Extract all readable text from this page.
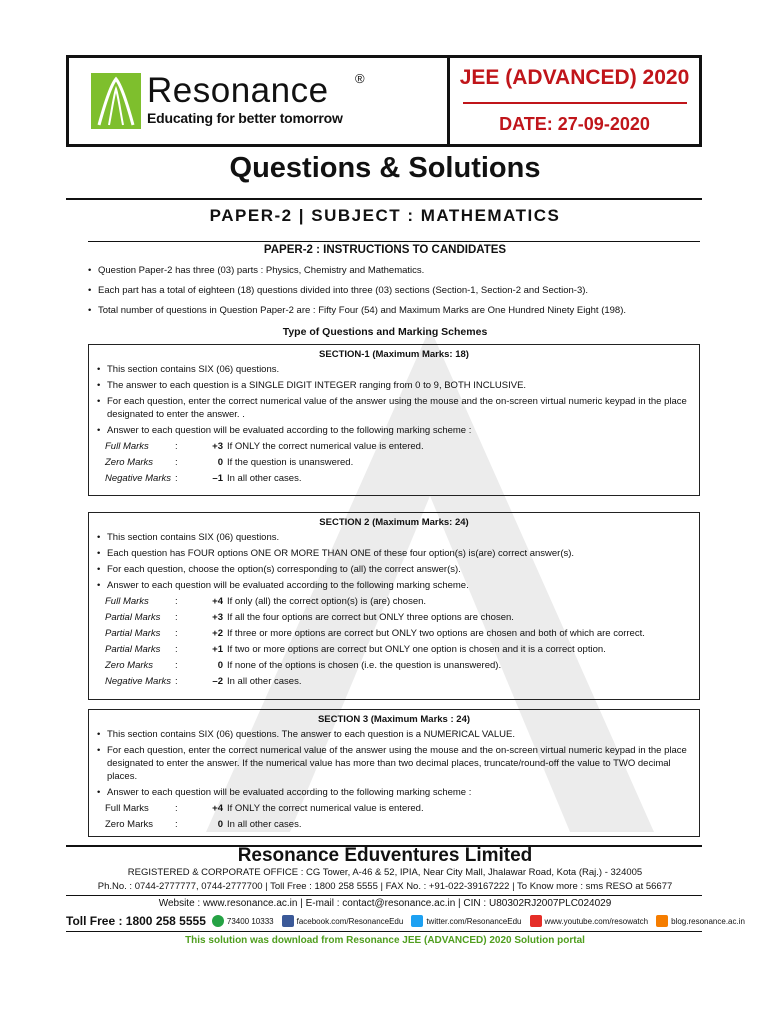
Resonance ®
Educating for better tomorrow
JEE (ADVANCED) 2020
DATE: 27-09-2020
Questions & Solutions
PAPER-2 | SUBJECT : MATHEMATICS
PAPER-2 : INSTRUCTIONS TO CANDIDATES
• Question Paper-2 has three (03) parts : Physics, Chemistry and Mathematics.
• Each part has a total of eighteen (18) questions divided into three (03) sections (Section-1, Section-2 and Section-3).
• Total number of questions in Question Paper-2 are : Fifty Four (54) and Maximum Marks are One Hundred Ninety Eight (198).
Type of Questions and Marking Schemes
SECTION-1 (Maximum Marks: 18)
• This section contains SIX (06) questions.
• The answer to each question is a SINGLE DIGIT INTEGER ranging from 0 to 9, BOTH INCLUSIVE.
• For each question, enter the correct numerical value of the answer using the mouse and the on-screen virtual numeric keypad in the place designated to enter the answer. .
• Answer to each question will be evaluated according to the following marking scheme :
Full Marks	:	+3 If ONLY the correct numerical value is entered.
Zero Marks	:	0 If the question is unanswered.
Negative Marks :	–1 In all other cases.
SECTION 2 (Maximum Marks: 24)
• This section contains SIX (06) questions.
• Each question has FOUR options ONE OR MORE THAN ONE of these four option(s) is(are) correct answer(s).
• For each question, choose the option(s) corresponding to (all) the correct answer(s).
• Answer to each question will be evaluated according to the following marking scheme.
Full Marks	:	+4 If only (all) the correct option(s) is (are) chosen.
Partial Marks	:	+3 If all the four options are correct but ONLY three options are chosen.
Partial Marks	:	+2 If three or more options are correct but ONLY two options are chosen and both of which are correct.
Partial Marks	:	+1 If two or more options are correct but ONLY one option is chosen and it is a correct option.
Zero Marks	:	0 If none of the options is chosen (i.e. the question is unanswered).
Negative Marks :	–2 In all other cases.
SECTION 3 (Maximum Marks : 24)
• This section contains SIX (06) questions. The answer to each question is a NUMERICAL VALUE.
• For each question, enter the correct numerical value of the answer using the mouse and the on-screen virtual numeric keypad in the place designated to enter the answer. If the numerical value has more than two decimal places, truncate/round-off the value to TWO decimal places.
• Answer to each question will be evaluated according to the following marking scheme :
Full Marks	:	+4 If ONLY the correct numerical value is entered.
Zero Marks	:	0 In all other cases.
Resonance Eduventures Limited
REGISTERED & CORPORATE OFFICE : CG Tower, A-46 & 52, IPIA, Near City Mall, Jhalawar Road, Kota (Raj.) - 324005
Ph.No. : 0744-2777777, 0744-2777700 | Toll Free : 1800 258 5555 | FAX No. : +91-022-39167222 | To Know more : sms RESO at 56677
Website : www.resonance.ac.in | E-mail : contact@resonance.ac.in | CIN : U80302RJ2007PLC024029
Toll Free : 1800 258 5555	73400 10333	facebook.com/ResonanceEdu	twitter.com/ResonanceEdu	www.youtube.com/resowatch	blog.resonance.ac.in
This solution was download from Resonance JEE (ADVANCED) 2020 Solution portal
